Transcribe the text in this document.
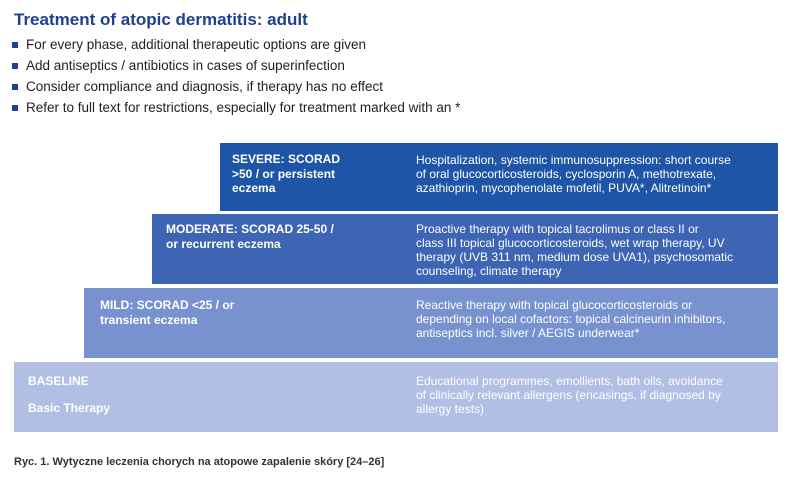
Treatment of atopic dermatitis: adult
For every phase, additional therapeutic options are given
Add antiseptics / antibiotics in cases of superinfection
Consider compliance and diagnosis, if therapy has no effect
Refer to full text for restrictions, especially for treatment marked with an *
SEVERE: SCORAD
>50 / or persistent
eczema
Hospitalization, systemic immunosuppression: short course
of oral glucocorticosteroids, cyclosporin A, methotrexate,
azathioprin, mycophenolate mofetil, PUVA*, Alitretinoin*
MODERATE: SCORAD 25-50 /
or recurrent eczema
Proactive therapy with topical tacrolimus or class II or
class III topical glucocorticosteroids, wet wrap therapy, UV
therapy (UVB 311 nm, medium dose UVA1), psychosomatic
counseling, climate therapy
MILD: SCORAD <25 / or
transient eczema
Reactive therapy with topical glucocorticosteroids or
depending on local cofactors: topical calcineurin inhibitors,
antiseptics incl. silver / AEGIS underwear*
BASELINE
Basic Therapy
Educational programmes, emollients, bath oils, avoidance
of clinically relevant allergens (encasings, if diagnosed by
allergy tests)
Ryc. 1. Wytyczne leczenia chorych na atopowe zapalenie skóry [24–26]
